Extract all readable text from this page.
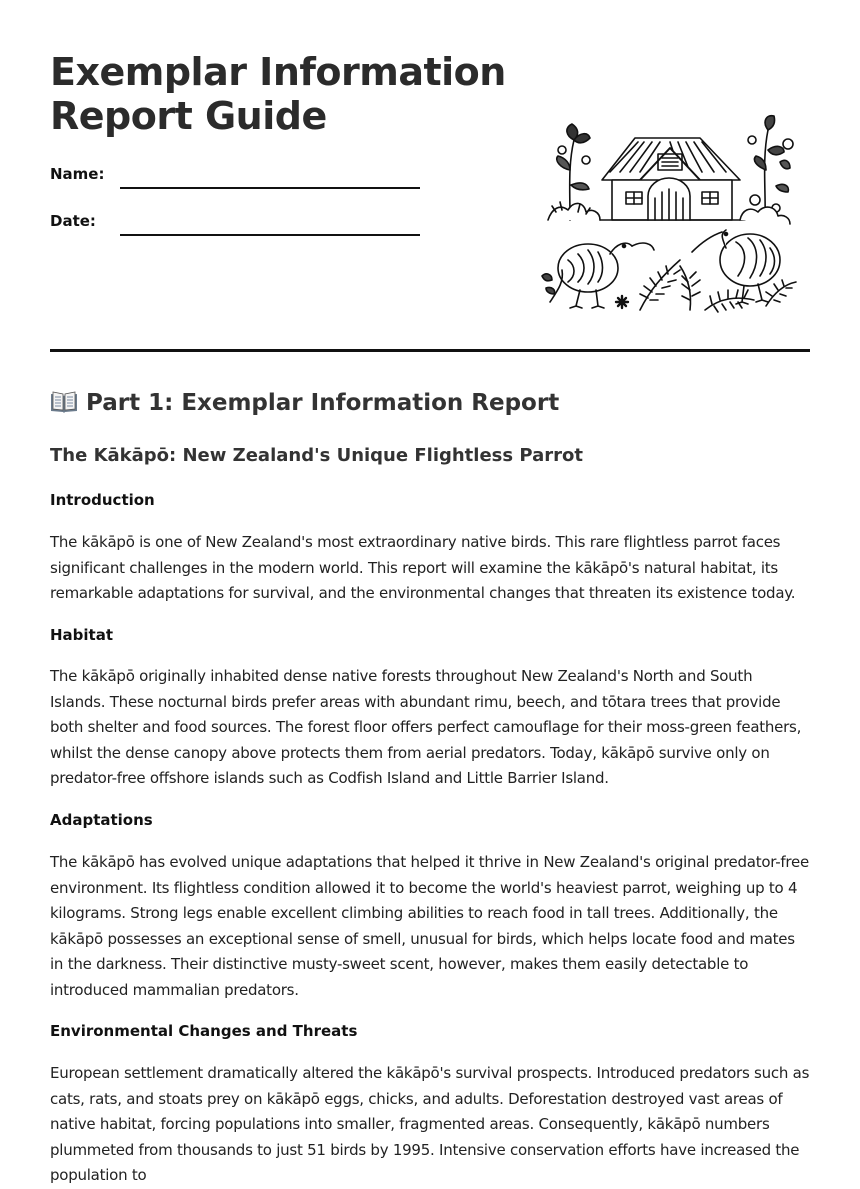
Exemplar Information
Report Guide
Name:
Date:
Part 1: Exemplar Information Report
The Kākāpō: New Zealand's Unique Flightless Parrot
Introduction

The kākāpō is one of New Zealand's most extraordinary native birds. This rare flightless parrot faces significant challenges in the modern world. This report will examine the kākāpō's natural habitat, its remarkable adaptations for survival, and the environmental changes that threaten its existence today.

Habitat

The kākāpō originally inhabited dense native forests throughout New Zealand's North and South Islands. These nocturnal birds prefer areas with abundant rimu, beech, and tōtara trees that provide both shelter and food sources. The forest floor offers perfect camouflage for their moss-green feathers, whilst the dense canopy above protects them from aerial predators. Today, kākāpō survive only on predator-free offshore islands such as Codfish Island and Little Barrier Island.

Adaptations

The kākāpō has evolved unique adaptations that helped it thrive in New Zealand's original predator-free environment. Its flightless condition allowed it to become the world's heaviest parrot, weighing up to 4 kilograms. Strong legs enable excellent climbing abilities to reach food in tall trees. Additionally, the kākāpō possesses an exceptional sense of smell, unusual for birds, which helps locate food and mates in the darkness. Their distinctive musty-sweet scent, however, makes them easily detectable to introduced mammalian predators.

Environmental Changes and Threats

European settlement dramatically altered the kākāpō's survival prospects. Introduced predators such as cats, rats, and stoats prey on kākāpō eggs, chicks, and adults. Deforestation destroyed vast areas of native habitat, forcing populations into smaller, fragmented areas. Consequently, kākāpō numbers plummeted from thousands to just 51 birds by 1995. Intensive conservation efforts have increased the population to
